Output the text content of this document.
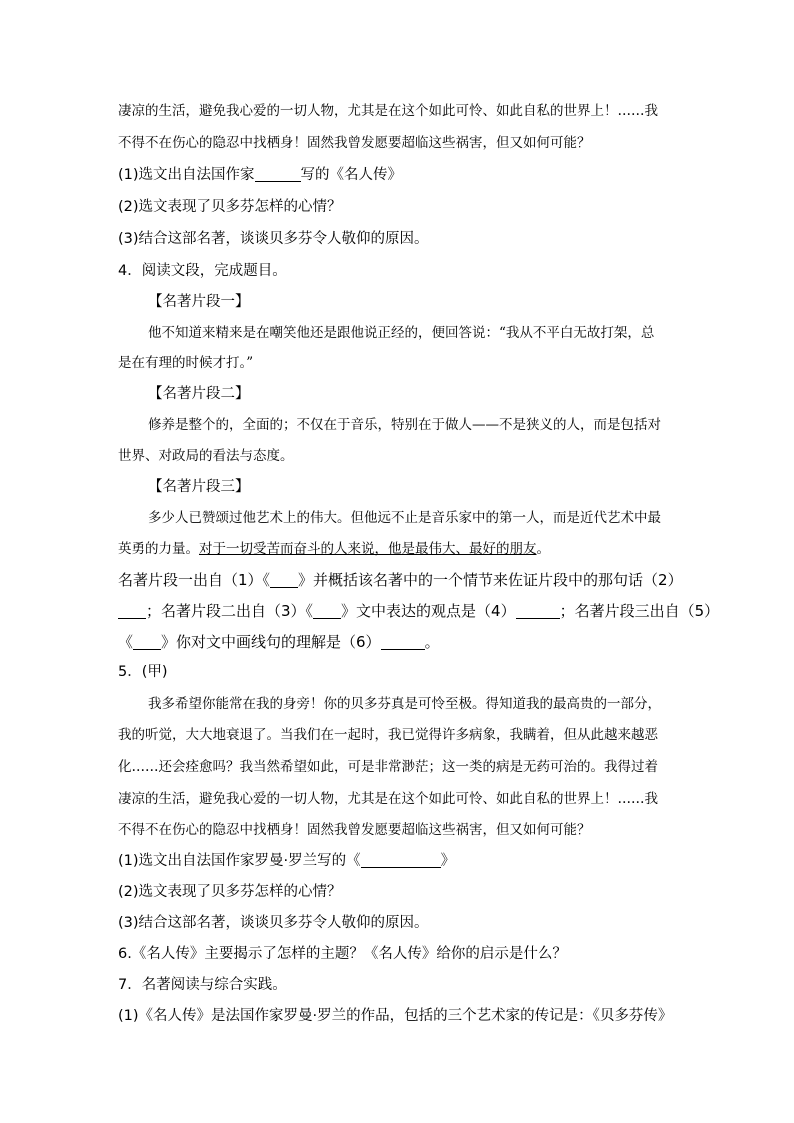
凄凉的生活，避免我心爱的一切人物，尤其是在这个如此可怜、如此自私的世界上！……我
不得不在伤心的隐忍中找栖身！固然我曾发愿要超临这些祸害，但又如何可能？
(1)选文出自法国作家	写的《名人传》
(2)选文表现了贝多芬怎样的心情？
(3)结合这部名著，谈谈贝多芬令人敬仰的原因。
4．阅读文段，完成题目。
【名著片段一】
他不知道来精来是在嘲笑他还是跟他说正经的，便回答说：“我从不平白无故打架，总
是在有理的时候才打。”
【名著片段二】
修养是整个的，全面的；不仅在于音乐，特别在于做人——不是狭义的人，而是包括对
世界、对政局的看法与态度。
【名著片段三】
多少人已赞颂过他艺术上的伟大。但他远不止是音乐家中的第一人，而是近代艺术中最
英勇的力量。对于一切受苦而奋斗的人来说，他是最伟大、最好的朋友。
名著片段一出自（1）《 》并概括该名著中的一个情节来佐证片段中的那句话（2）
；名著片段二出自（3）《 》文中表达的观点是（4）	；名著片段三出自（5）
《 》你对文中画线句的理解是（6）	。
5．(甲)
我多希望你能常在我的身旁！你的贝多芬真是可怜至极。得知道我的最高贵的一部分，
我的听觉，大大地衰退了。当我们在一起时，我已觉得许多病象，我瞒着，但从此越来越恶
化……还会痊愈吗？我当然希望如此，可是非常渺茫；这一类的病是无药可治的。我得过着
凄凉的生活，避免我心爱的一切人物，尤其是在这个如此可怜、如此自私的世界上！……我
不得不在伤心的隐忍中找栖身！固然我曾发愿要超临这些祸害，但又如何可能？
(1)选文出自法国作家罗曼·罗兰写的《	》
(2)选文表现了贝多芬怎样的心情？
(3)结合这部名著，谈谈贝多芬令人敬仰的原因。
6.《名人传》主要揭示了怎样的主题？《名人传》给你的启示是什么？
7．名著阅读与综合实践。
(1)《名人传》是法国作家罗曼·罗兰的作品，包括的三个艺术家的传记是：《贝多芬传》
